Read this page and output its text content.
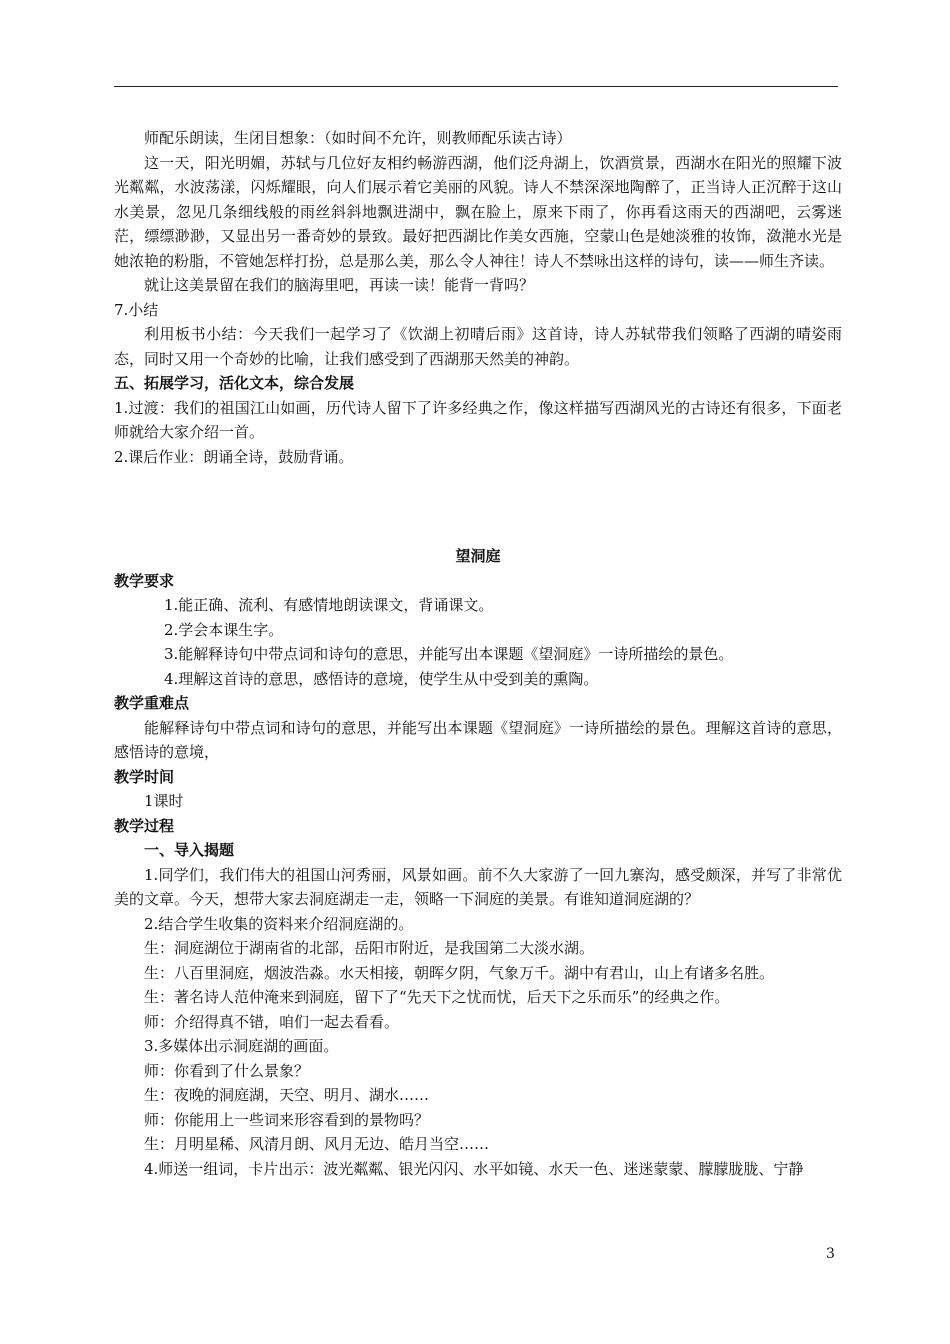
师配乐朗读，生闭目想象：（如时间不允许，则教师配乐读古诗）

这一天，阳光明媚，苏轼与几位好友相约畅游西湖，他们泛舟湖上，饮酒赏景，西湖水在阳光的照耀下波光粼粼，水波荡漾，闪烁耀眼，向人们展示着它美丽的风貌。诗人不禁深深地陶醉了，正当诗人正沉醉于这山水美景，忽见几条细线般的雨丝斜斜地飘进湖中，飘在脸上，原来下雨了，你再看这雨天的西湖吧，云雾迷茫，缥缥渺渺，又显出另一番奇妙的景致。最好把西湖比作美女西施，空蒙山色是她淡雅的妆饰，潋滟水光是她浓艳的粉脂，不管她怎样打扮，总是那么美，那么令人神往！诗人不禁咏出这样的诗句，读——师生齐读。

就让这美景留在我们的脑海里吧，再读一读！能背一背吗？

7.小结

利用板书小结：今天我们一起学习了《饮湖上初晴后雨》这首诗，诗人苏轼带我们领略了西湖的晴姿雨态，同时又用一个奇妙的比喻，让我们感受到了西湖那天然美的神韵。

五、拓展学习，活化文本，综合发展

1.过渡：我们的祖国江山如画，历代诗人留下了许多经典之作，像这样描写西湖风光的古诗还有很多，下面老师就给大家介绍一首。

2.课后作业：朗诵全诗，鼓励背诵。

望洞庭

教学要求

1.能正确、流利、有感情地朗读课文，背诵课文。

2.学会本课生字。

3.能解释诗句中带点词和诗句的意思，并能写出本课题《望洞庭》一诗所描绘的景色。

4.理解这首诗的意思，感悟诗的意境，使学生从中受到美的熏陶。

教学重难点

能解释诗句中带点词和诗句的意思，并能写出本课题《望洞庭》一诗所描绘的景色。理解这首诗的意思，感悟诗的意境，

教学时间

1课时

教学过程

一、导入揭题

1.同学们，我们伟大的祖国山河秀丽，风景如画。前不久大家游了一回九寨沟，感受颇深，并写了非常优美的文章。今天，想带大家去洞庭湖走一走，领略一下洞庭的美景。有谁知道洞庭湖的？

2.结合学生收集的资料来介绍洞庭湖的。

生：洞庭湖位于湖南省的北部，岳阳市附近，是我国第二大淡水湖。

生：八百里洞庭，烟波浩淼。水天相接，朝晖夕阴，气象万千。湖中有君山，山上有诸多名胜。

生：著名诗人范仲淹来到洞庭，留下了“先天下之忧而忧，后天下之乐而乐”的经典之作。

师：介绍得真不错，咱们一起去看看。

3.多媒体出示洞庭湖的画面。

师：你看到了什么景象？

生：夜晚的洞庭湖，天空、明月、湖水……

师：你能用上一些词来形容看到的景物吗？

生：月明星稀、风清月朗、风月无边、皓月当空……

4.师送一组词，卡片出示：波光粼粼、银光闪闪、水平如镜、水天一色、迷迷蒙蒙、朦朦胧胧、宁静

3
